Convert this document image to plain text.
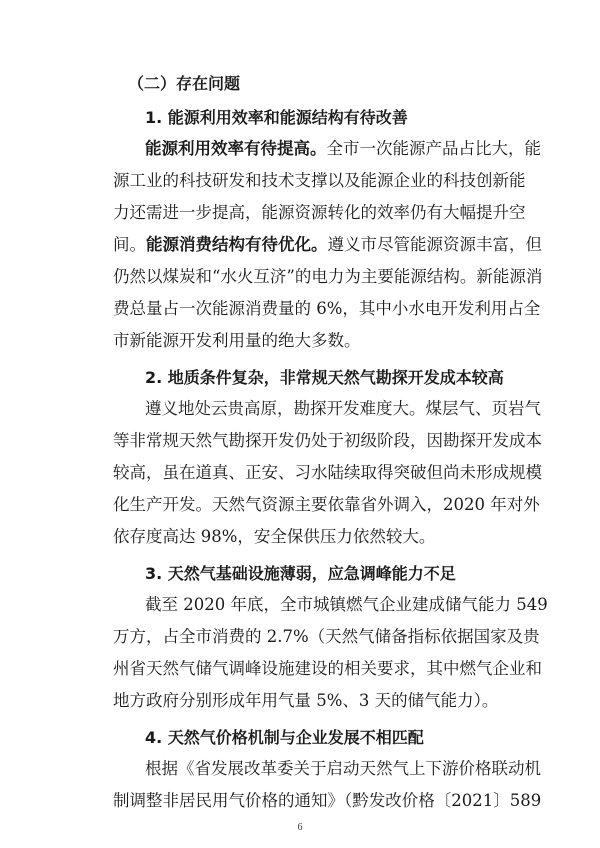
（二）存在问题
1. 能源利用效率和能源结构有待改善
能源利用效率有待提高。全市一次能源产品占比大，能
源工业的科技研发和技术支撑以及能源企业的科技创新能
力还需进一步提高，能源资源转化的效率仍有大幅提升空
间。能源消费结构有待优化。遵义市尽管能源资源丰富，但
仍然以煤炭和“水火互济”的电力为主要能源结构。新能源消
费总量占一次能源消费量的 6%，其中小水电开发利用占全
市新能源开发利用量的绝大多数。
2. 地质条件复杂，非常规天然气勘探开发成本较高
遵义地处云贵高原，勘探开发难度大。煤层气、页岩气
等非常规天然气勘探开发仍处于初级阶段，因勘探开发成本
较高，虽在道真、正安、习水陆续取得突破但尚未形成规模
化生产开发。天然气资源主要依靠省外调入，2020 年对外
依存度高达 98%，安全保供压力依然较大。
3. 天然气基础设施薄弱，应急调峰能力不足
截至 2020 年底，全市城镇燃气企业建成储气能力 549
万方，占全市消费的 2.7%（天然气储备指标依据国家及贵
州省天然气储气调峰设施建设的相关要求，其中燃气企业和
地方政府分别形成年用气量 5%、3 天的储气能力）。
4. 天然气价格机制与企业发展不相匹配
根据《省发展改革委关于启动天然气上下游价格联动机
制调整非居民用气价格的通知》（黔发改价格〔2021〕589
6
